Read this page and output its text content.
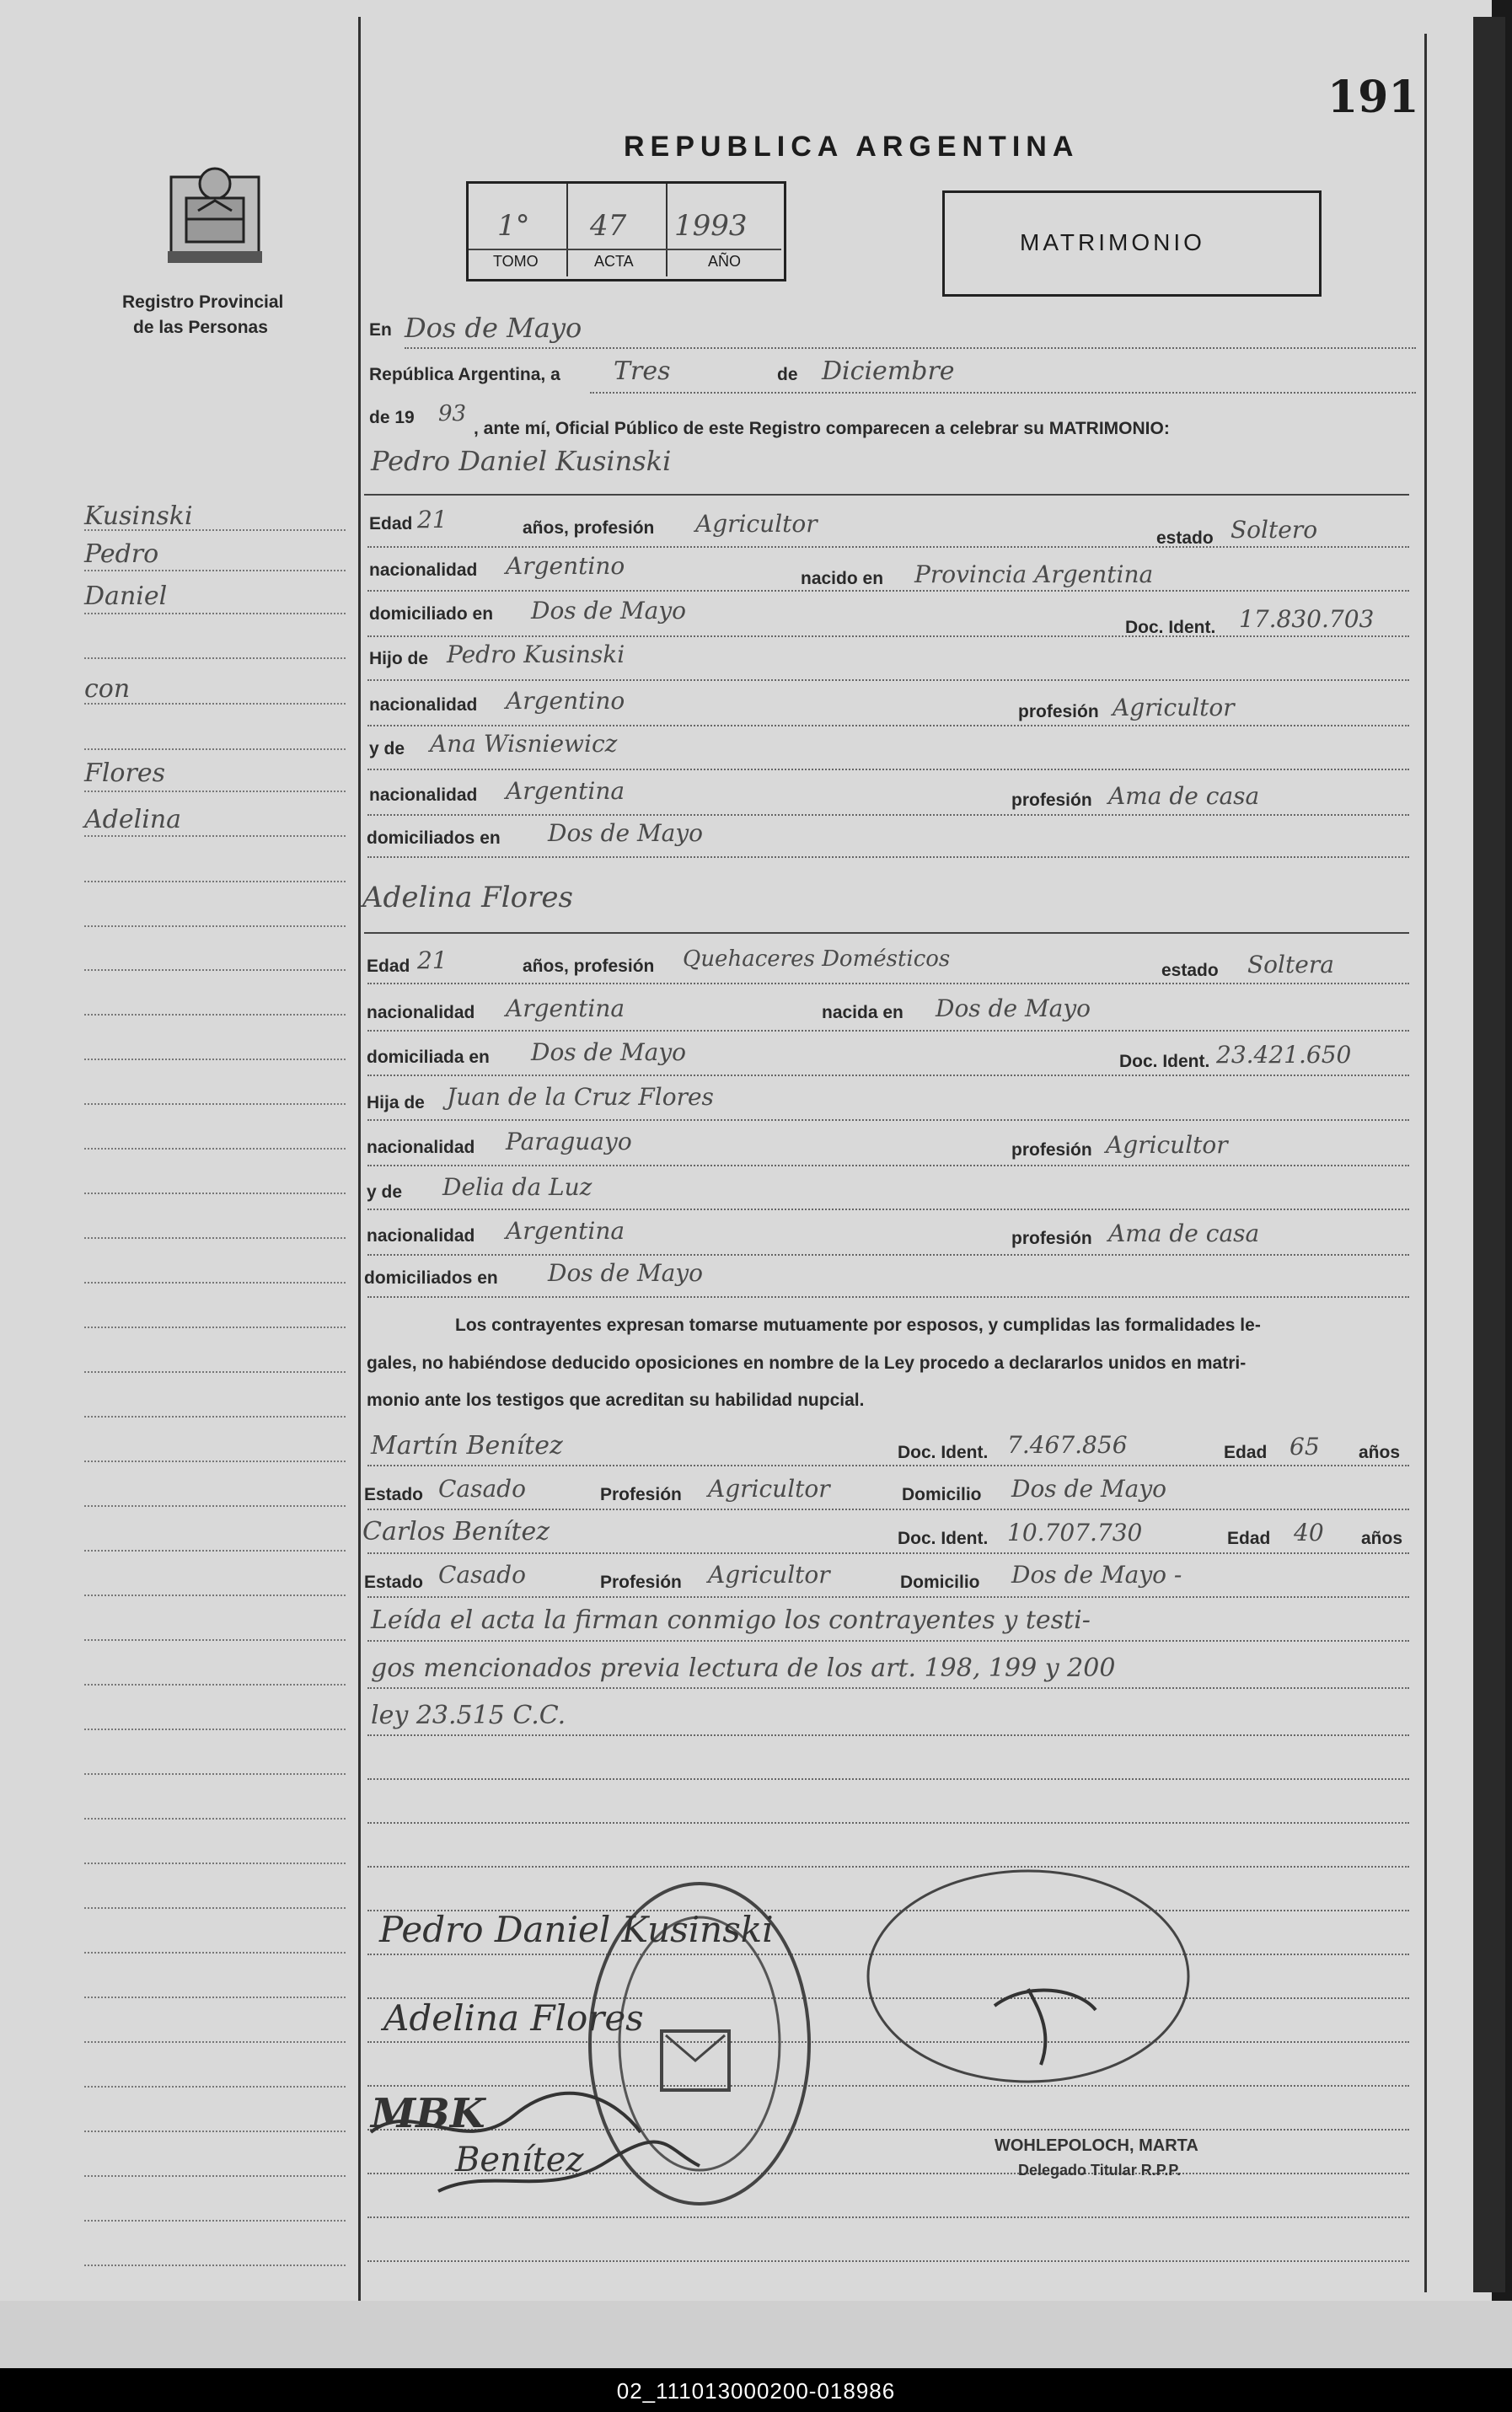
02_111013000200-018986
191
REPUBLICA ARGENTINA
Registro Provincial
de las Personas
1° 47 1993
TOMO	ACTA	AÑO
MATRIMONIO
En Dos de Mayo
República Argentina, a Tres	de Diciembre
de 19 93
, ante mí, Oficial Público de este Registro comparecen a celebrar su MATRIMONIO:
Pedro Daniel Kusinski
Kusinski
Pedro
Daniel
con
Flores
Adelina
Edad 21	años, profesión Agricultor
estado Soltero
nacionalidad Argentino	nacido en Provincia Argentina
domiciliado en Dos de Mayo
Doc. Ident. 17.830.703
Hijo de Pedro Kusinski
nacionalidad Argentino	profesión Agricultor
y de Ana Wisniewicz
nacionalidad Argentina	profesión Ama de casa
domiciliados en Dos de Mayo
Adelina Flores
Edad 21	años, profesión Quehaceres Domésticos	estado Soltera
nacionalidad Argentina	nacida en Dos de Mayo
domiciliada en Dos de Mayo	Doc. Ident. 23.421.650
Hija de Juan de la Cruz Flores
nacionalidad Paraguayo	profesión Agricultor
y de Delia da Luz
nacionalidad Argentina	profesión Ama de casa
domiciliados en Dos de Mayo
Los contrayentes expresan tomarse mutuamente por esposos, y cumplidas las formalidades le-
gales, no habiéndose deducido oposiciones en nombre de la Ley procedo a declararlos unidos en matri-
monio ante los testigos que acreditan su habilidad nupcial.
Martín Benítez	Doc. Ident. 7.467.856	Edad 65 años
Estado Casado	Profesión Agricultor	Domicilio Dos de Mayo
Carlos Benítez	Doc. Ident. 10.707.730	Edad 40 años
Estado Casado	Profesión Agricultor	Domicilio Dos de Mayo -
Leída el acta la firman conmigo los contrayentes y testi-
gos mencionados previa lectura de los art. 198, 199 y 200
ley 23.515 C.C.
Pedro Daniel Kusinski
Adelina Flores
MBK
Benítez	WOHLEPOLOCH, MARTA
Delegado Titular R.P.P.
